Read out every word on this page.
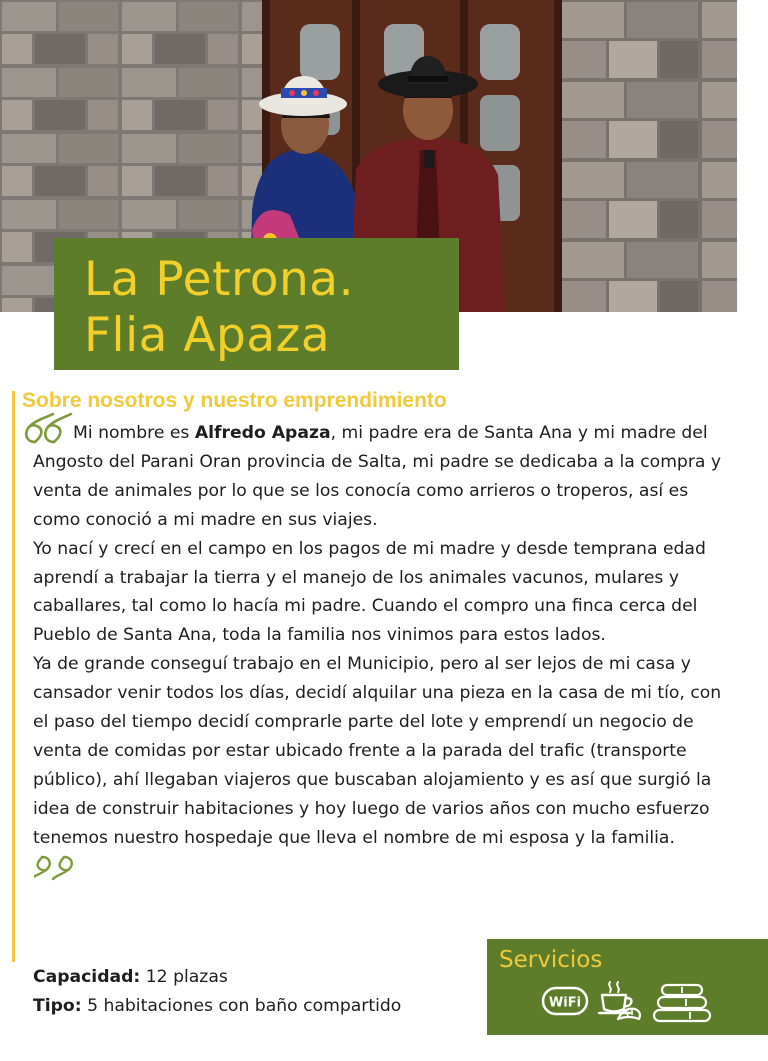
La Petrona.
Flia Apaza
Sobre nosotros y nuestro emprendimiento

Mi nombre es Alfredo Apaza, mi padre era de Santa Ana y mi madre del Angosto del Parani Oran provincia de Salta, mi padre se dedicaba a la compra y venta de animales por lo que se los conocía como arrieros o troperos, así es como conoció a mi madre en sus viajes.

Yo nací y crecí en el campo en los pagos de mi madre y desde temprana edad aprendí a trabajar la tierra y el manejo de los animales vacunos, mulares y caballares, tal como lo hacía mi padre. Cuando el compro una finca cerca del Pueblo de Santa Ana, toda la familia nos vinimos para estos lados.

Ya de grande conseguí trabajo en el Municipio, pero al ser lejos de mi casa y cansador venir todos los días, decidí alquilar una pieza en la casa de mi tío, con el paso del tiempo decidí comprarle parte del lote y emprendí un negocio de venta de comidas por estar ubicado frente a la parada del trafic (transporte público), ahí llegaban viajeros que buscaban alojamiento y es así que surgió la idea de construir habitaciones y hoy luego de varios años con mucho esfuerzo tenemos nuestro hospedaje que lleva el nombre de mi esposa y la familia.

Capacidad: 12 plazas
Tipo: 5 habitaciones con baño compartido
Servicios
WiFi
